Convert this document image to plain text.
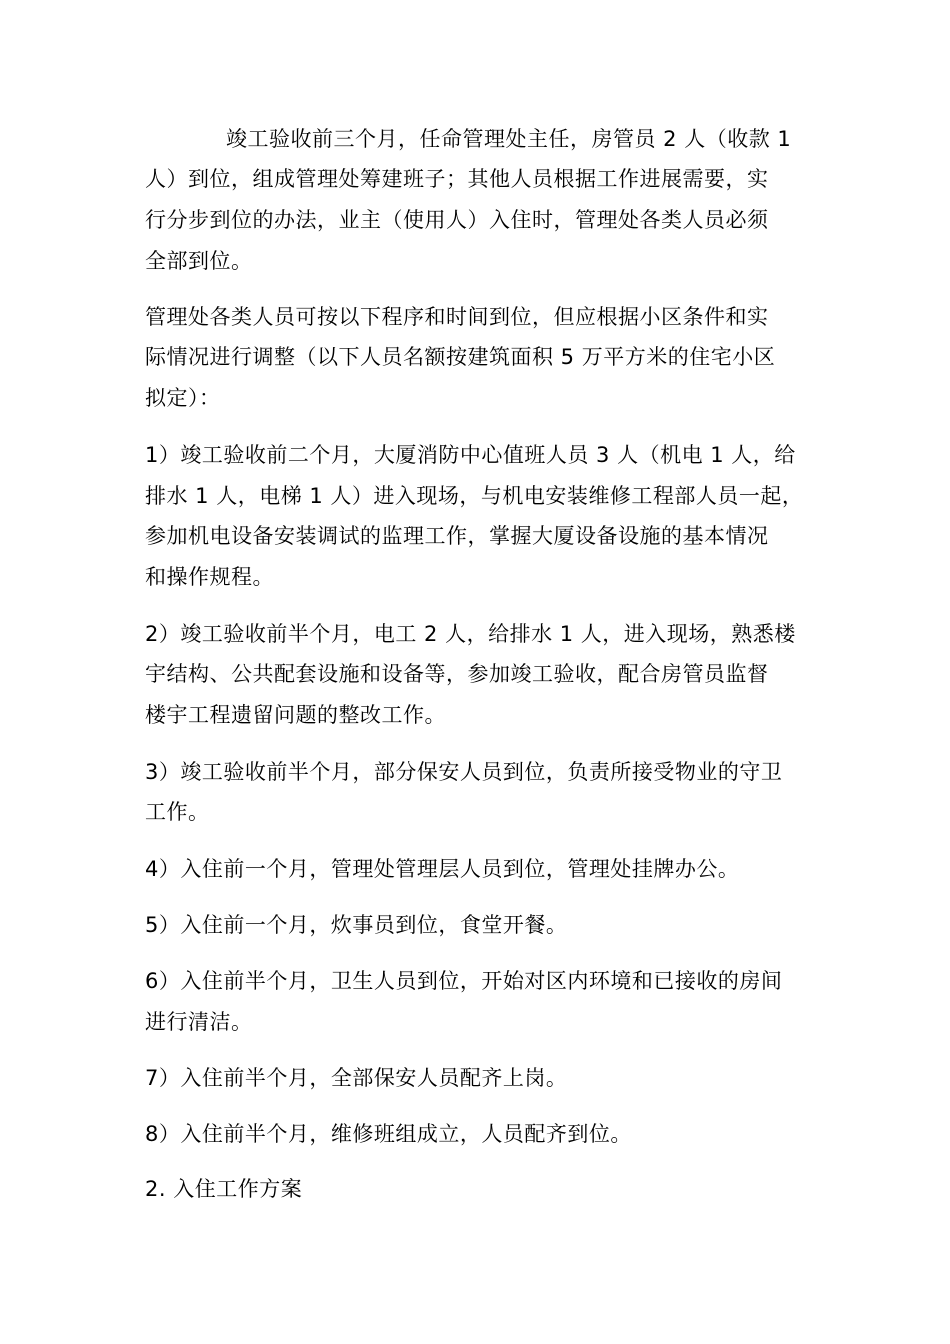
竣工验收前三个月，任命管理处主任，房管员 2 人（收款 1
人）到位，组成管理处筹建班子；其他人员根据工作进展需要，实
行分步到位的办法，业主（使用人）入住时，管理处各类人员必须
全部到位。
管理处各类人员可按以下程序和时间到位，但应根据小区条件和实
际情况进行调整（以下人员名额按建筑面积 5 万平方米的住宅小区
拟定）：
1）竣工验收前二个月，大厦消防中心值班人员 3 人（机电 1 人，给
排水 1 人，电梯 1 人）进入现场，与机电安装维修工程部人员一起，
参加机电设备安装调试的监理工作，掌握大厦设备设施的基本情况
和操作规程。
2）竣工验收前半个月，电工 2 人，给排水 1 人，进入现场，熟悉楼
宇结构、公共配套设施和设备等，参加竣工验收，配合房管员监督
楼宇工程遗留问题的整改工作。
3）竣工验收前半个月，部分保安人员到位，负责所接受物业的守卫
工作。
4）入住前一个月，管理处管理层人员到位，管理处挂牌办公。
5）入住前一个月，炊事员到位，食堂开餐。
6）入住前半个月，卫生人员到位，开始对区内环境和已接收的房间
进行清洁。
7）入住前半个月，全部保安人员配齐上岗。
8）入住前半个月，维修班组成立，人员配齐到位。
2. 入住工作方案
